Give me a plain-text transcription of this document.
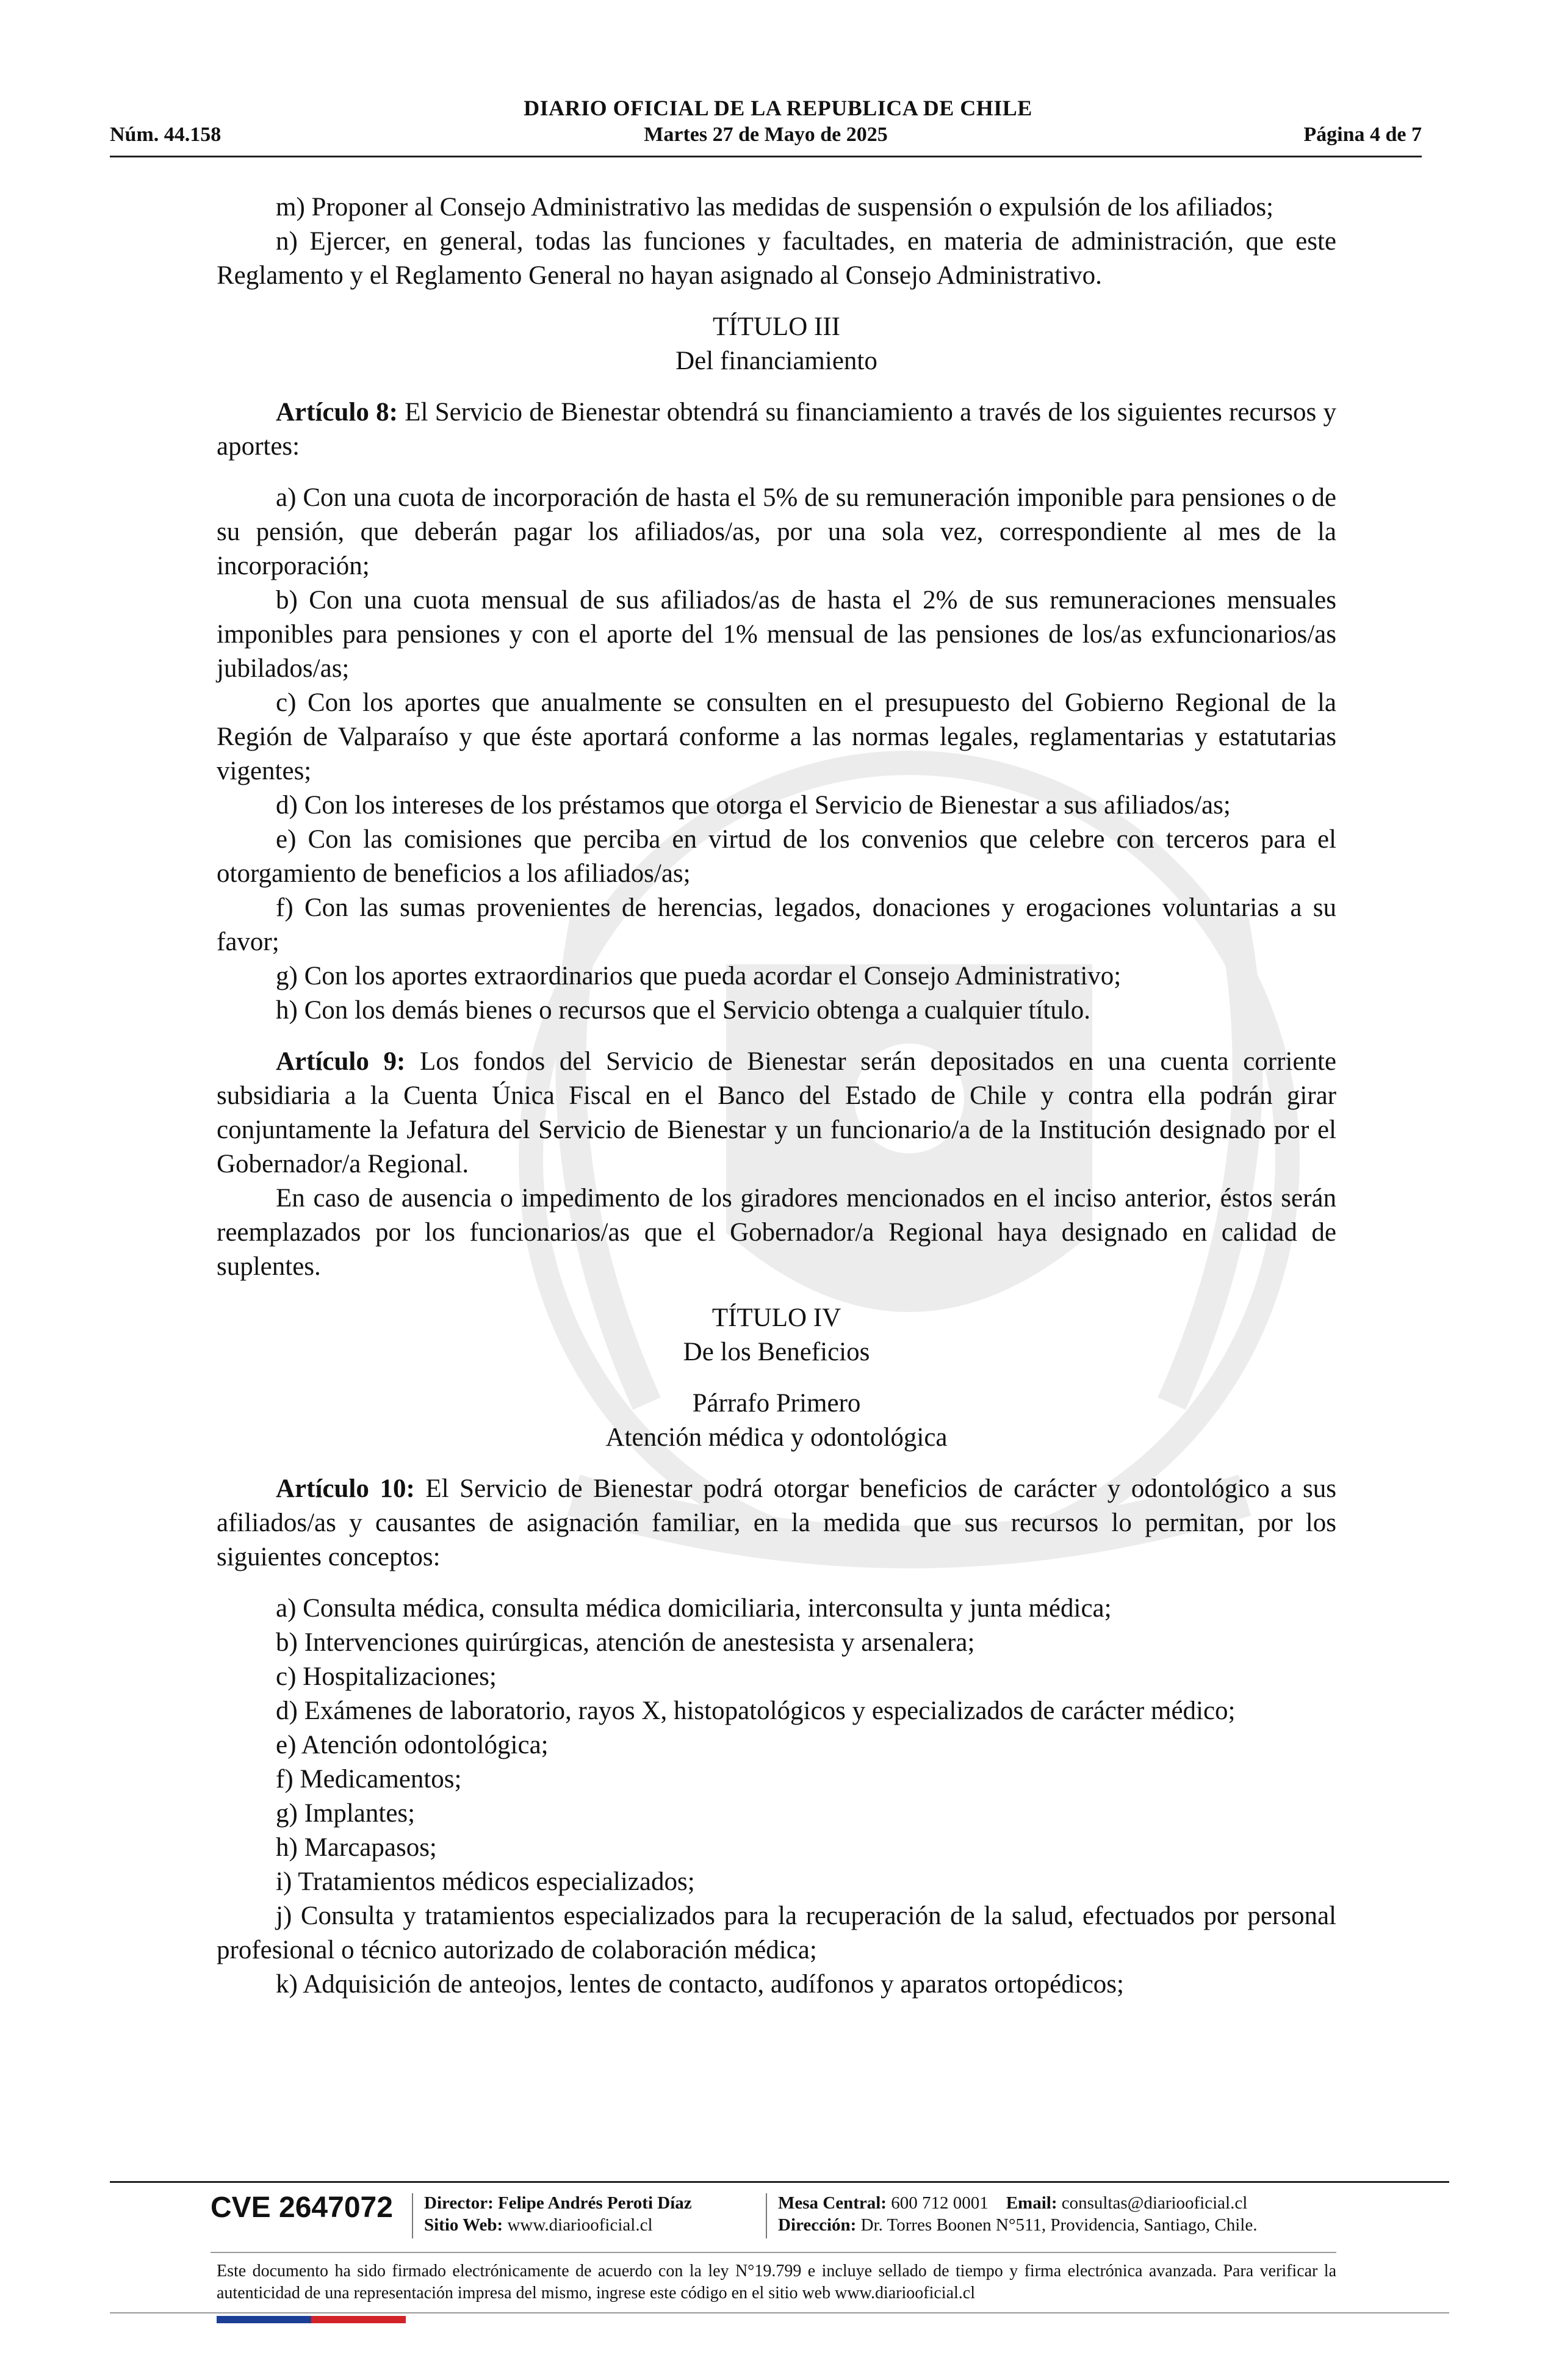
DIARIO OFICIAL DE LA REPUBLICA DE CHILE
Núm. 44.158	Martes 27 de Mayo de 2025	Página 4 de 7

m) Proponer al Consejo Administrativo las medidas de suspensión o expulsión de los afiliados;

n) Ejercer, en general, todas las funciones y facultades, en materia de administración, que este Reglamento y el Reglamento General no hayan asignado al Consejo Administrativo.

TÍTULO III
Del financiamiento

Artículo 8: El Servicio de Bienestar obtendrá su financiamiento a través de los siguientes recursos y aportes:

a) Con una cuota de incorporación de hasta el 5% de su remuneración imponible para pensiones o de su pensión, que deberán pagar los afiliados/as, por una sola vez, correspondiente al mes de la incorporación;

b) Con una cuota mensual de sus afiliados/as de hasta el 2% de sus remuneraciones mensuales imponibles para pensiones y con el aporte del 1% mensual de las pensiones de los/as exfuncionarios/as jubilados/as;

c) Con los aportes que anualmente se consulten en el presupuesto del Gobierno Regional de la Región de Valparaíso y que éste aportará conforme a las normas legales, reglamentarias y estatutarias vigentes;

d) Con los intereses de los préstamos que otorga el Servicio de Bienestar a sus afiliados/as;

e) Con las comisiones que perciba en virtud de los convenios que celebre con terceros para el otorgamiento de beneficios a los afiliados/as;

f) Con las sumas provenientes de herencias, legados, donaciones y erogaciones voluntarias a su favor;

g) Con los aportes extraordinarios que pueda acordar el Consejo Administrativo;

h) Con los demás bienes o recursos que el Servicio obtenga a cualquier título.

Artículo 9: Los fondos del Servicio de Bienestar serán depositados en una cuenta corriente subsidiaria a la Cuenta Única Fiscal en el Banco del Estado de Chile y contra ella podrán girar conjuntamente la Jefatura del Servicio de Bienestar y un funcionario/a de la Institución designado por el Gobernador/a Regional.

En caso de ausencia o impedimento de los giradores mencionados en el inciso anterior, éstos serán reemplazados por los funcionarios/as que el Gobernador/a Regional haya designado en calidad de suplentes.

TÍTULO IV
De los Beneficios
Párrafo Primero
Atención médica y odontológica

Artículo 10: El Servicio de Bienestar podrá otorgar beneficios de carácter y odontológico a sus afiliados/as y causantes de asignación familiar, en la medida que sus recursos lo permitan, por los siguientes conceptos:

a) Consulta médica, consulta médica domiciliaria, interconsulta y junta médica;

b) Intervenciones quirúrgicas, atención de anestesista y arsenalera;

c) Hospitalizaciones;

d) Exámenes de laboratorio, rayos X, histopatológicos y especializados de carácter médico;

e) Atención odontológica;

f) Medicamentos;

g) Implantes;

h) Marcapasos;

i) Tratamientos médicos especializados;

j) Consulta y tratamientos especializados para la recuperación de la salud, efectuados por personal profesional o técnico autorizado de colaboración médica;

k) Adquisición de anteojos, lentes de contacto, audífonos y aparatos ortopédicos;

CVE 2647072 Director: Felipe Andrés Peroti Díaz
Sitio Web: www.diariooficial.cl
Mesa Central: 600 712 0001 Email: consultas@diariooficial.cl
Dirección: Dr. Torres Boonen N°511, Providencia, Santiago, Chile.
Este documento ha sido firmado electrónicamente de acuerdo con la ley N°19.799 e incluye sellado de tiempo y firma electrónica avanzada. Para verificar la autenticidad de una representación impresa del mismo, ingrese este código en el sitio web www.diariooficial.cl
